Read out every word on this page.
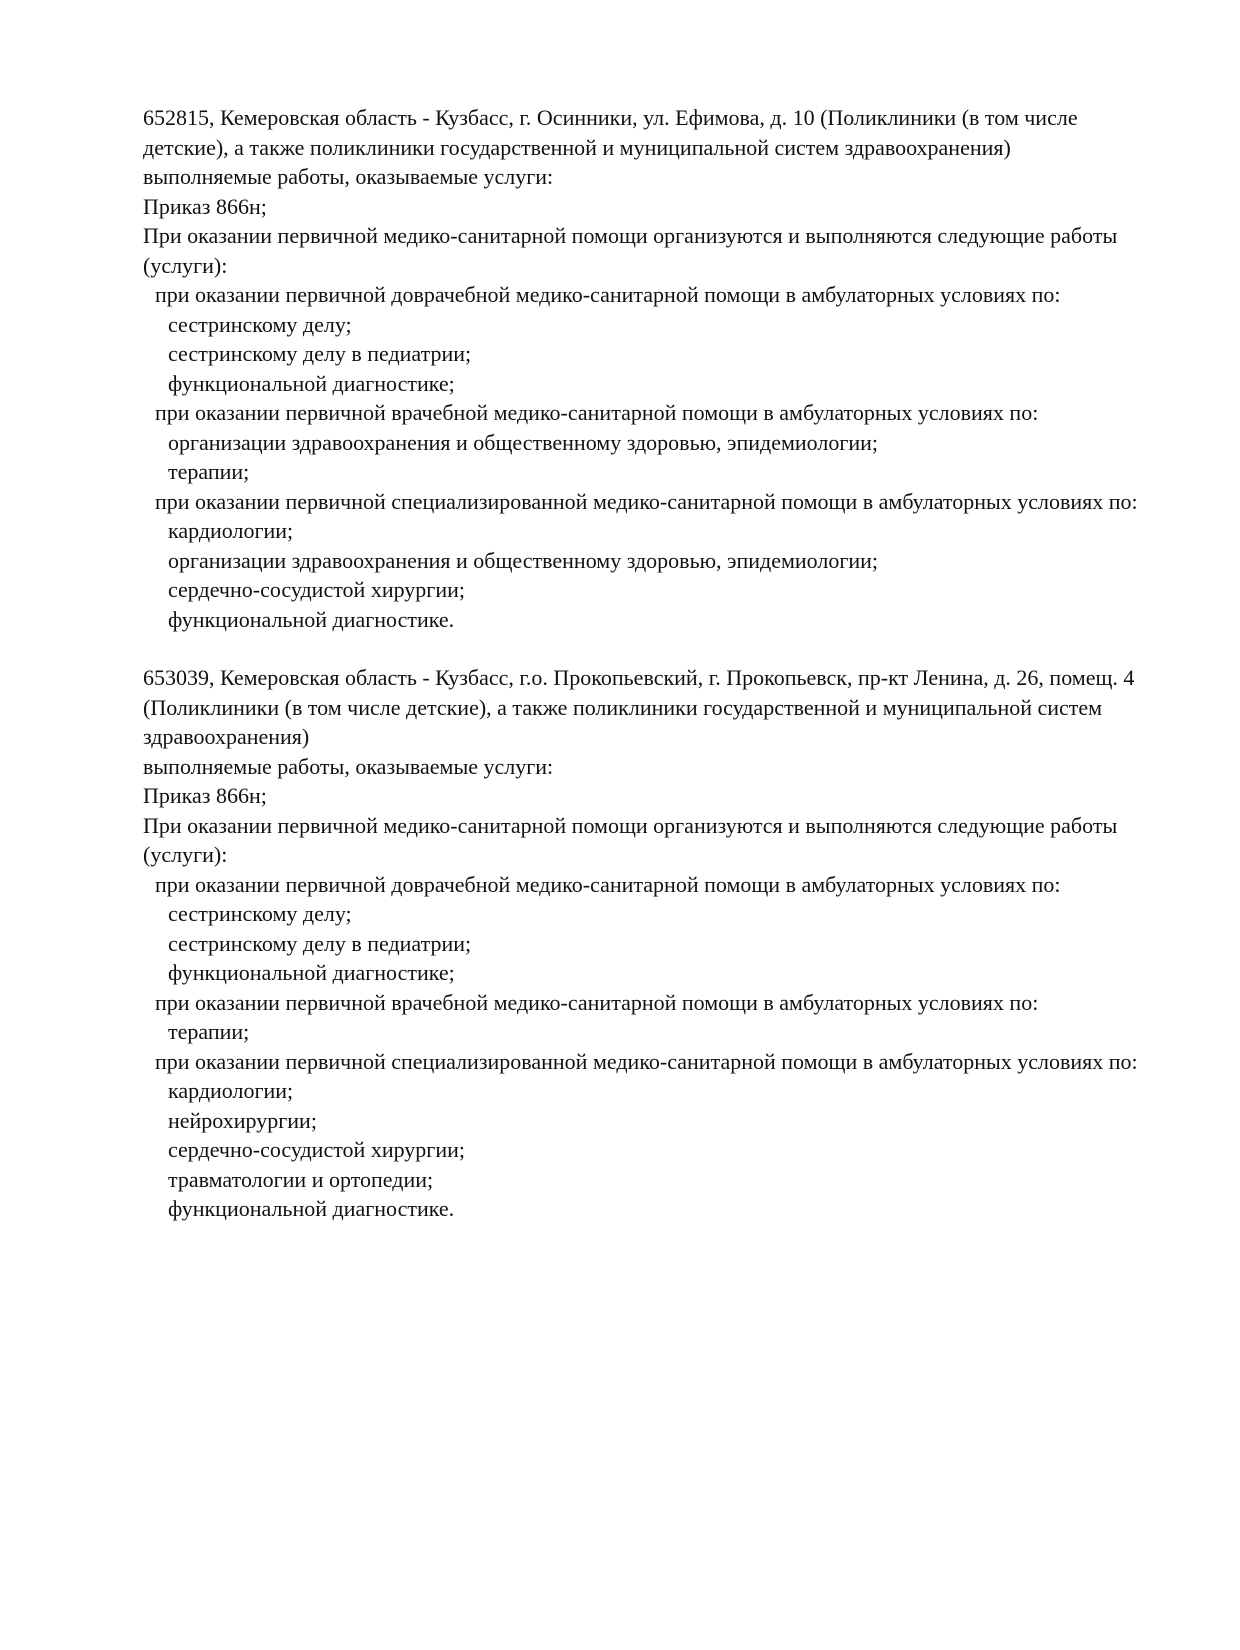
652815, Кемеровская область - Кузбасс, г. Осинники, ул. Ефимова, д. 10 (Поликлиники (в том числе детские), а также поликлиники государственной и муниципальной систем здравоохранения)
выполняемые работы, оказываемые услуги:
Приказ 866н;
При оказании первичной медико-санитарной помощи организуются и выполняются следующие работы (услуги):
при оказании первичной доврачебной медико-санитарной помощи в амбулаторных условиях по:
сестринскому делу;
сестринскому делу в педиатрии;
функциональной диагностике;
при оказании первичной врачебной медико-санитарной помощи в амбулаторных условиях по:
организации здравоохранения и общественному здоровью, эпидемиологии;
терапии;
при оказании первичной специализированной медико-санитарной помощи в амбулаторных условиях по:
кардиологии;
организации здравоохранения и общественному здоровью, эпидемиологии;
сердечно-сосудистой хирургии;
функциональной диагностике.
653039, Кемеровская область - Кузбасс, г.о. Прокопьевский, г. Прокопьевск, пр-кт Ленина, д. 26, помещ. 4 (Поликлиники (в том числе детские), а также поликлиники государственной и муниципальной систем здравоохранения)
выполняемые работы, оказываемые услуги:
Приказ 866н;
При оказании первичной медико-санитарной помощи организуются и выполняются следующие работы (услуги):
при оказании первичной доврачебной медико-санитарной помощи в амбулаторных условиях по:
сестринскому делу;
сестринскому делу в педиатрии;
функциональной диагностике;
при оказании первичной врачебной медико-санитарной помощи в амбулаторных условиях по:
терапии;
при оказании первичной специализированной медико-санитарной помощи в амбулаторных условиях по:
кардиологии;
нейрохирургии;
сердечно-сосудистой хирургии;
травматологии и ортопедии;
функциональной диагностике.
